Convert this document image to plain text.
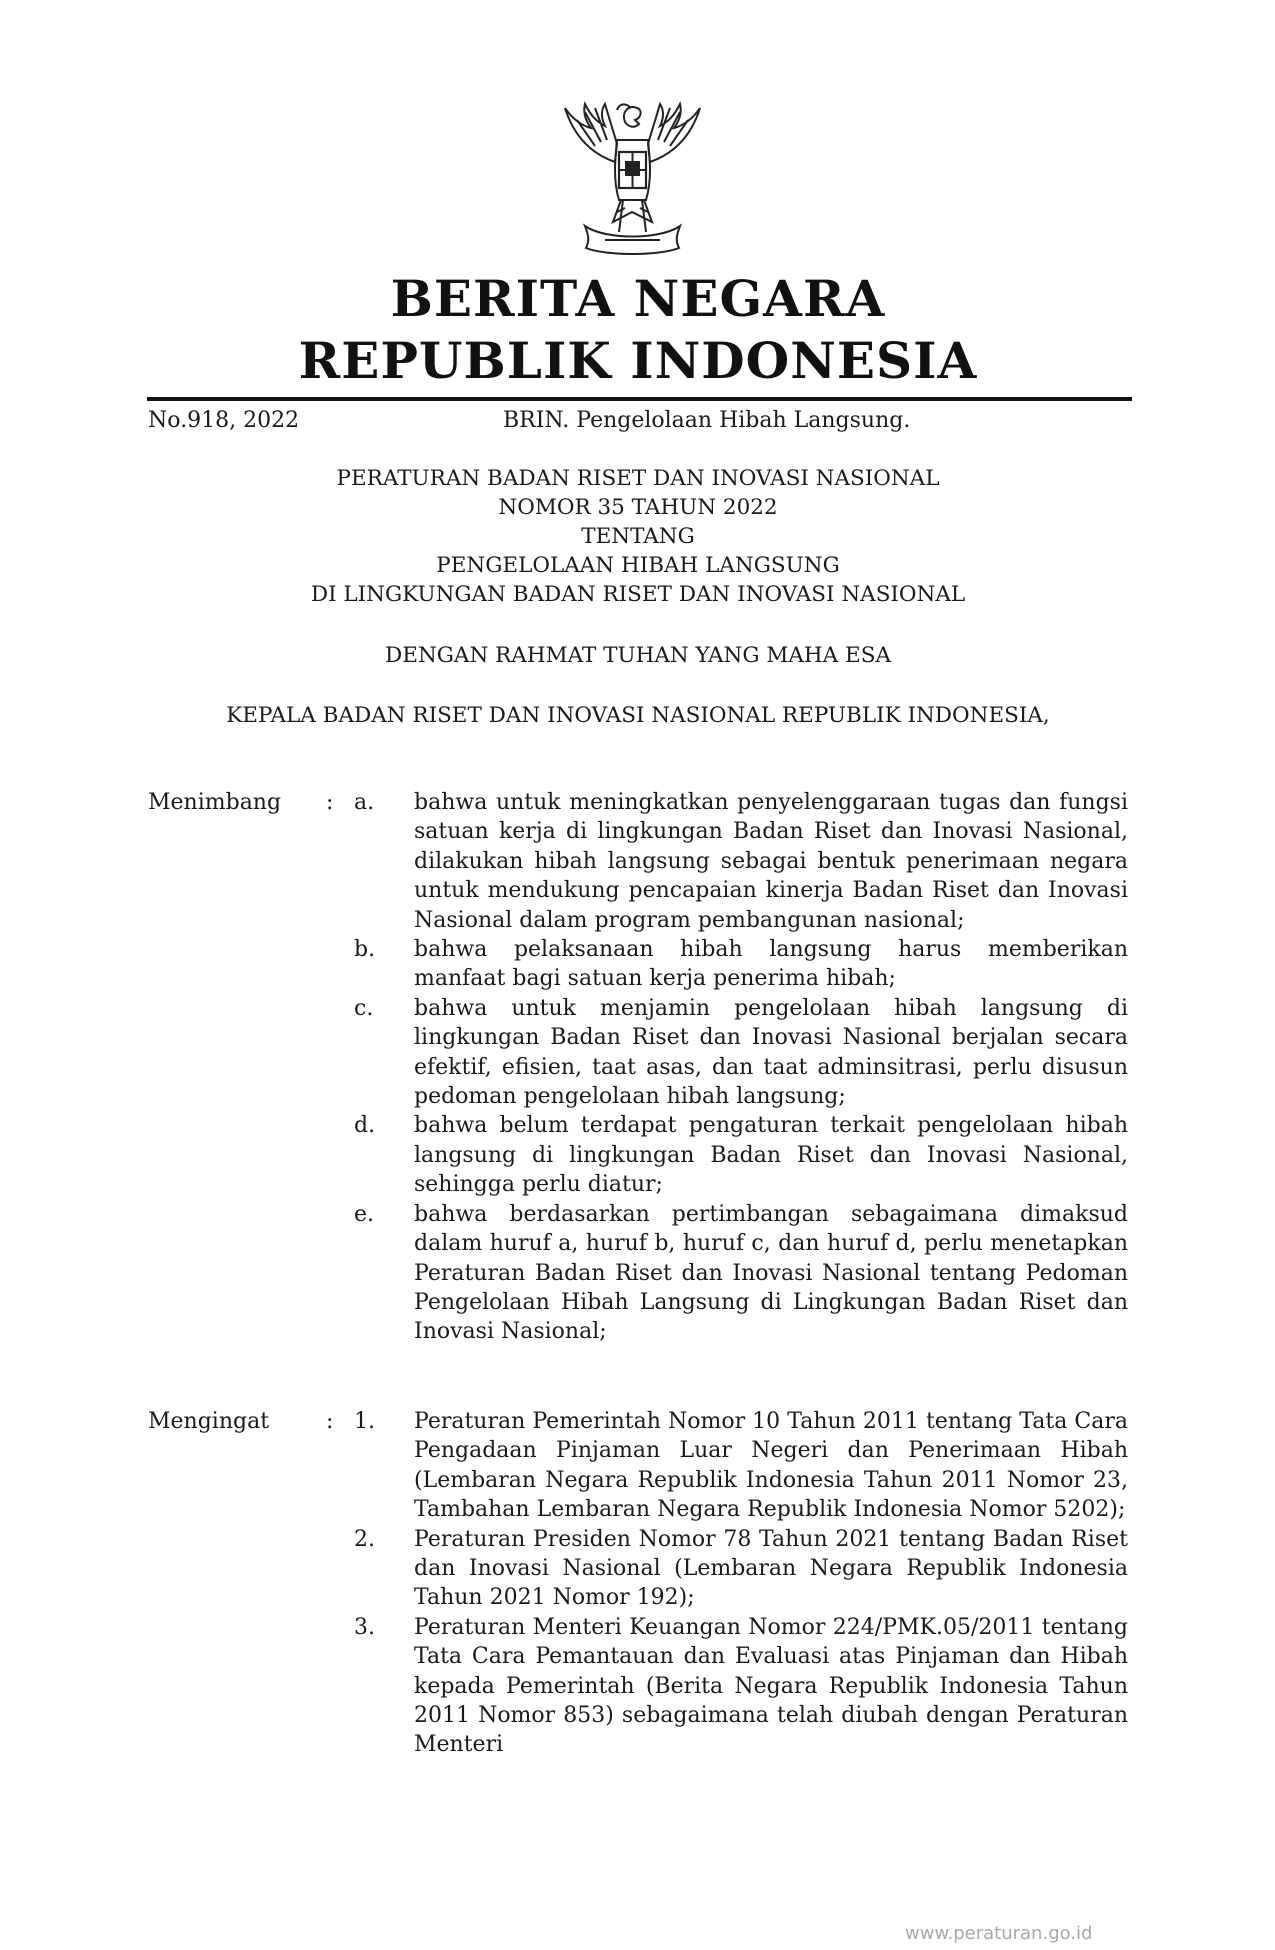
BERITA NEGARA
REPUBLIK INDONESIA
No.918, 2022	BRIN. Pengelolaan Hibah Langsung.
PERATURAN BADAN RISET DAN INOVASI NASIONAL
NOMOR 35 TAHUN 2022
TENTANG
PENGELOLAAN HIBAH LANGSUNG
DI LINGKUNGAN BADAN RISET DAN INOVASI NASIONAL
DENGAN RAHMAT TUHAN YANG MAHA ESA
KEPALA BADAN RISET DAN INOVASI NASIONAL REPUBLIK INDONESIA,
Menimbang : a. bahwa untuk meningkatkan penyelenggaraan tugas dan fungsi satuan kerja di lingkungan Badan Riset dan Inovasi Nasional, dilakukan hibah langsung sebagai bentuk penerimaan negara untuk mendukung pencapaian kinerja Badan Riset dan Inovasi Nasional dalam program pembangunan nasional;
b. bahwa pelaksanaan hibah langsung harus memberikan manfaat bagi satuan kerja penerima hibah;
c. bahwa untuk menjamin pengelolaan hibah langsung di lingkungan Badan Riset dan Inovasi Nasional berjalan secara efektif, efisien, taat asas, dan taat adminsitrasi, perlu disusun pedoman pengelolaan hibah langsung;
d. bahwa belum terdapat pengaturan terkait pengelolaan hibah langsung di lingkungan Badan Riset dan Inovasi Nasional, sehingga perlu diatur;
e. bahwa berdasarkan pertimbangan sebagaimana dimaksud dalam huruf a, huruf b, huruf c, dan huruf d, perlu menetapkan Peraturan Badan Riset dan Inovasi Nasional tentang Pedoman Pengelolaan Hibah Langsung di Lingkungan Badan Riset dan Inovasi Nasional;
Mengingat	: 1. Peraturan Pemerintah Nomor 10 Tahun 2011 tentang Tata Cara Pengadaan Pinjaman Luar Negeri dan Penerimaan Hibah (Lembaran Negara Republik Indonesia Tahun 2011 Nomor 23, Tambahan Lembaran Negara Republik Indonesia Nomor 5202);
2. Peraturan Presiden Nomor 78 Tahun 2021 tentang Badan Riset dan Inovasi Nasional (Lembaran Negara Republik Indonesia Tahun 2021 Nomor 192);
3. Peraturan Menteri Keuangan Nomor 224/PMK.05/2011 tentang Tata Cara Pemantauan dan Evaluasi atas Pinjaman dan Hibah kepada Pemerintah (Berita Negara Republik Indonesia Tahun 2011 Nomor 853) sebagaimana telah diubah dengan Peraturan Menteri
www.peraturan.go.id
